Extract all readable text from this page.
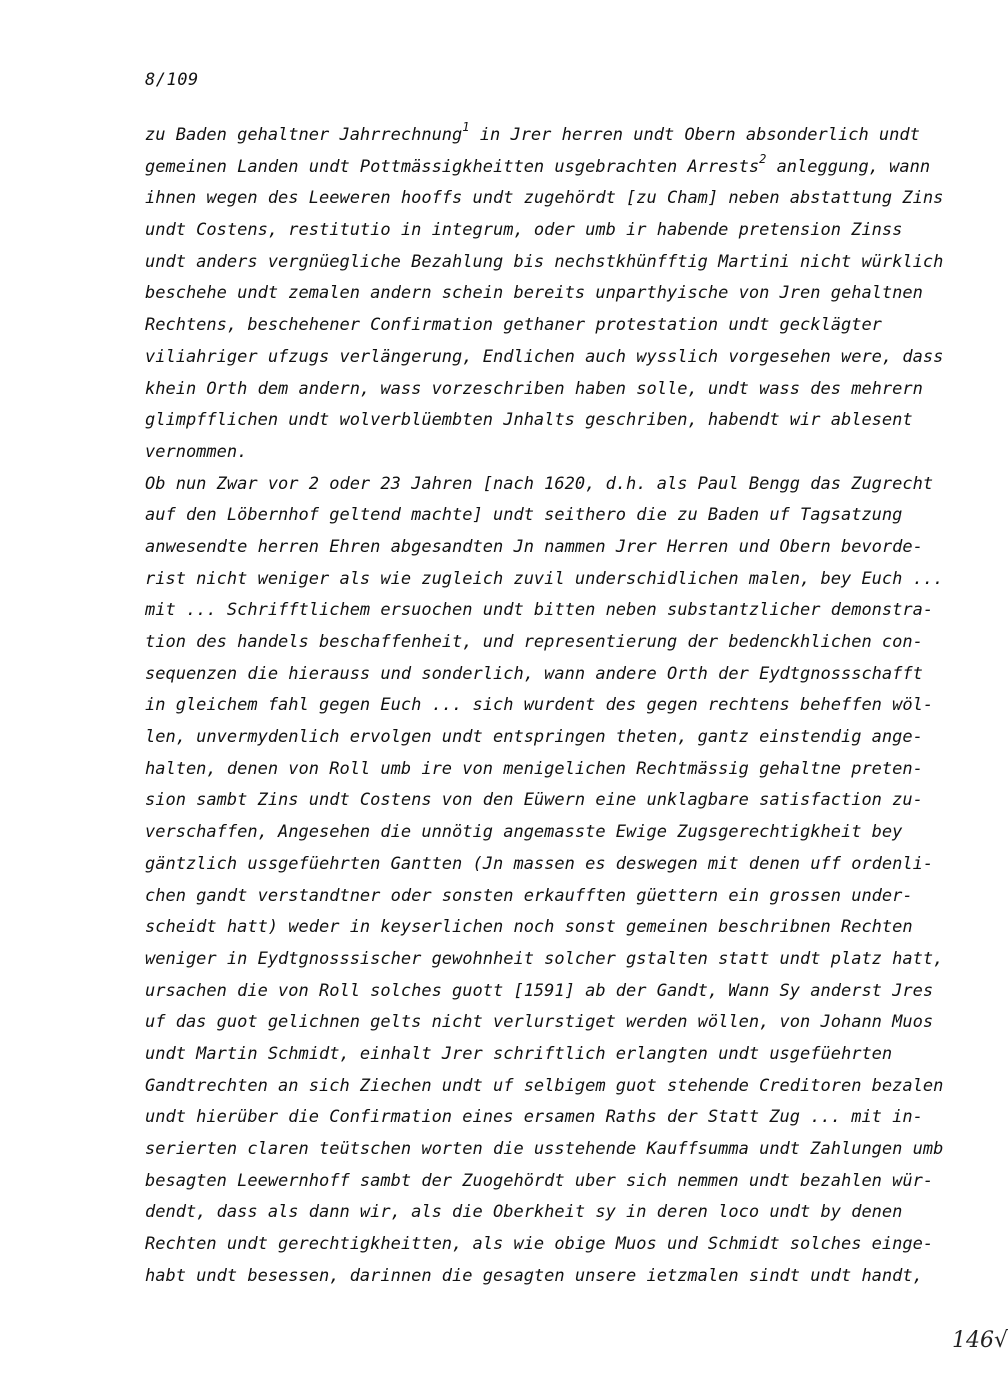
8/109
zu Baden gehaltner Jahrrechnung$^1$ in Jrer herren undt Obern absonderlich undt
gemeinen Landen undt Pottmässigkheitten usgebrachten Arrests$^2$ anleggung, wann
ihnen wegen des Leeweren hooffs undt zugehördt [zu Cham] neben abstattung Zins
undt Costens, restitutio in integrum, oder umb ir habende pretension Zinss
undt anders vergnüegliche Bezahlung bis nechstkhünfftig Martini nicht würklich
beschehe undt zemalen andern schein bereits unparthyische von Jren gehaltnen
Rechtens, beschehener Confirmation gethaner protestation undt gecklägter
viliahriger ufzugs verlängerung, Endlichen auch wysslich vorgesehen were, dass
khein Orth dem andern, wass vorzeschriben haben solle, undt wass des mehrern
glimpfflichen undt wolverblüembten Jnhalts geschriben, habendt wir ablesent
vernommen.
Ob nun Zwar vor 2 oder 23 Jahren [nach 1620, d.h. als Paul Bengg das Zugrecht
auf den Löbernhof geltend machte] undt seithero die zu Baden uf Tagsatzung
anwesendte herren Ehren abgesandten Jn nammen Jrer Herren und Obern bevorde-
rist nicht weniger als wie zugleich zuvil underschidlichen malen, bey Euch ...
mit ... Schrifftlichem ersuochen undt bitten neben substantzlicher demonstra-
tion des handels beschaffenheit, und representierung der bedenckhlichen con-
sequenzen die hierauss und sonderlich, wann andere Orth der Eydtgnossschafft
in gleichem fahl gegen Euch ... sich wurdent des gegen rechtens beheffen wöl-
len, unvermydenlich ervolgen undt entspringen theten, gantz einstendig ange-
halten, denen von Roll umb ire von menigelichen Rechtmässig gehaltne preten-
sion sambt Zins undt Costens von den Eüwern eine unklagbare satisfaction zu-
verschaffen, Angesehen die unnötig angemasste Ewige Zugsgerechtigkheit bey
gäntzlich ussgefüehrten Gantten (Jn massen es deswegen mit denen uff ordenli-
chen gandt verstandtner oder sonsten erkaufften güettern ein grossen under-
scheidt hatt) weder in keyserlichen noch sonst gemeinen beschribnen Rechten
weniger in Eydtgnosssischer gewohnheit solcher gstalten statt undt platz hatt,
ursachen die von Roll solches guott [1591] ab der Gandt, Wann Sy anderst Jres
uf das guot gelichnen gelts nicht verlurstiget werden wöllen, von Johann Muos
undt Martin Schmidt, einhalt Jrer schriftlich erlangten undt usgefüehrten
Gandtrechten an sich Ziechen undt uf selbigem guot stehende Creditoren bezalen
undt hierüber die Confirmation eines ersamen Raths der Statt Zug ... mit in-
serierten claren teütschen worten die usstehende Kauffsumma undt Zahlungen umb
besagten Leewernhoff sambt der Zuogehördt uber sich nemmen undt bezahlen wür-
dendt, dass als dann wir, als die Oberkheit sy in deren loco undt by denen
Rechten undt gerechtigkheitten, als wie obige Muos und Schmidt solches einge-
habt undt besessen, darinnen die gesagten unsere ietzmalen sindt undt handt,
146√
